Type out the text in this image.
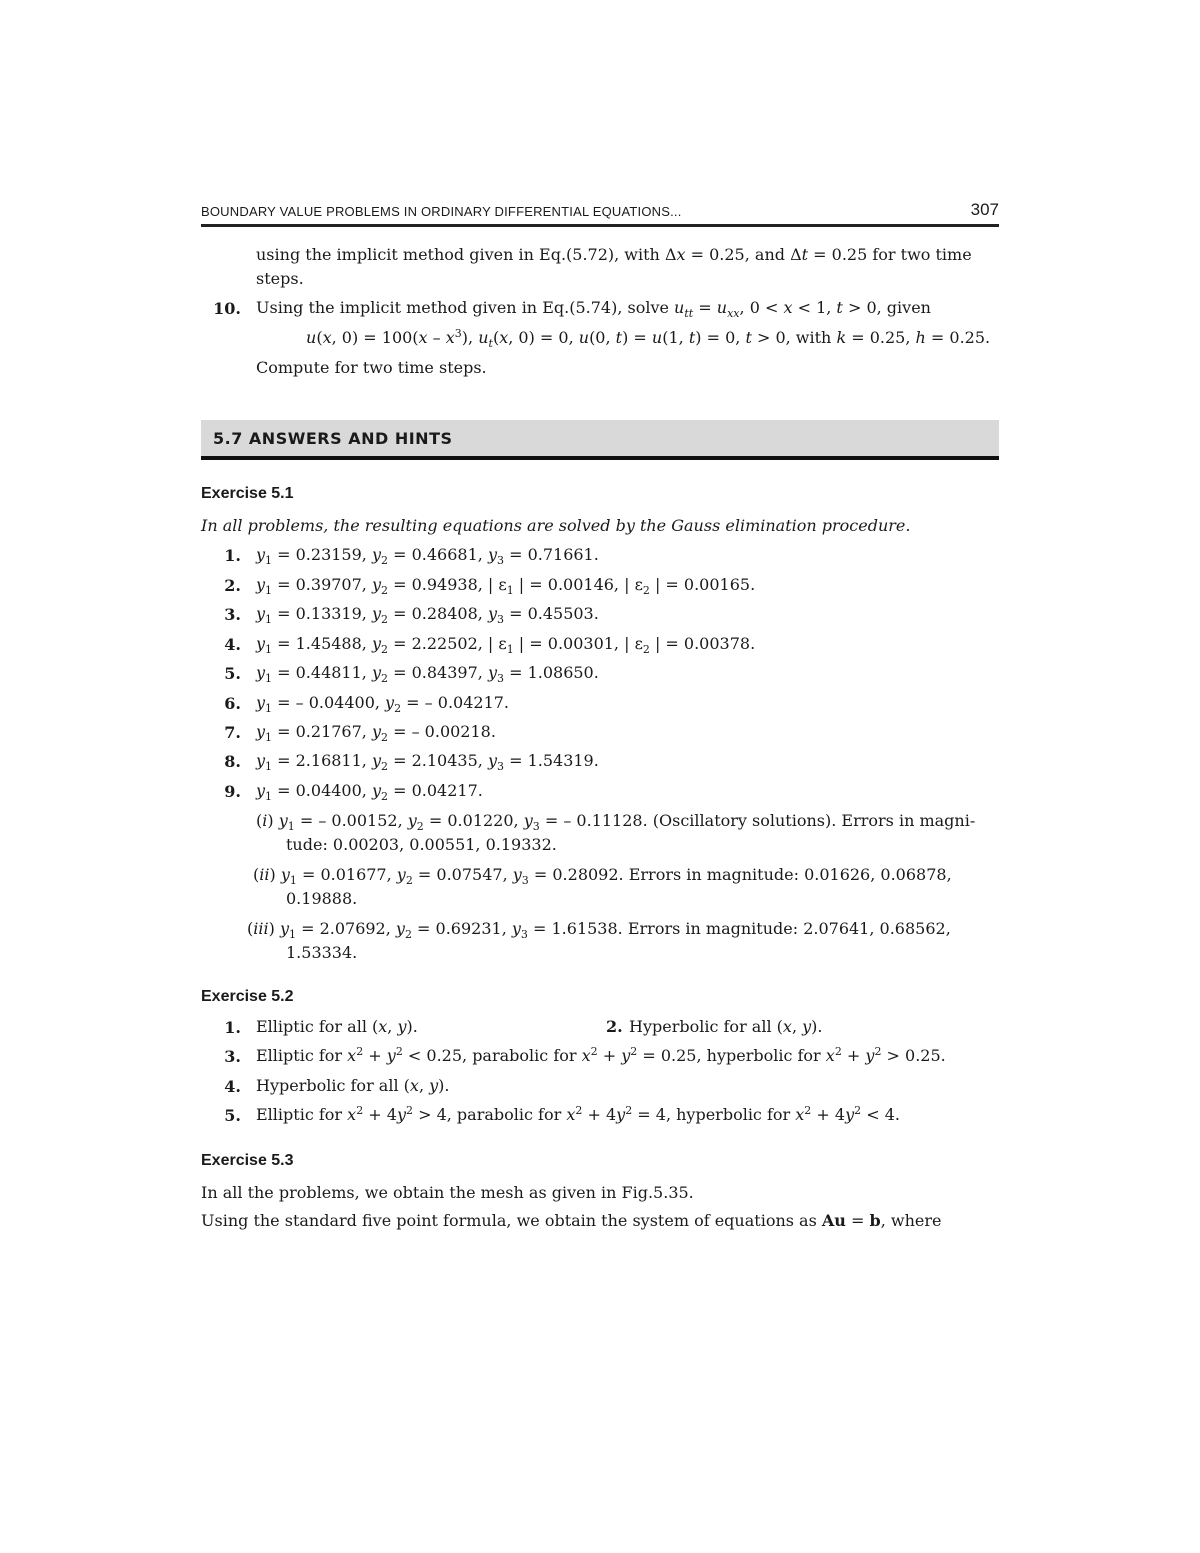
BOUNDARY VALUE PROBLEMS IN ORDINARY DIFFERENTIAL EQUATIONS...	307
using the implicit method given in Eq.(5.72), with Δx = 0.25, and Δt = 0.25 for two time
steps.
10. Using the implicit method given in Eq.(5.74), solve $u_{tt} = u_{xx}$, 0 < x < 1, t > 0, given
u(x, $0) = 100(x - x^3)$, $u_t(x$, 0) = 0, u(0, t) = u(1, t) = 0, t > 0, with k = 0.25, h = 0.25.
Compute for two time steps.
5.7 ANSWERS AND HINTS
Exercise 5.1
In all problems, the resulting equations are solved by the Gauss elimination procedure.
1. $y_1 = 0.23159$, $y_2 = 0.46681$, $y_3 = 0.71661$.
2. $y_1 = 0.39707$, $y_2 = 0.94938$, | $\varepsilon_1$ | = 0.00146, | $\varepsilon_2$ | = 0.00165.
3. $y_1 = 0.13319$, $y_2 = 0.28408$, $y_3 = 0.45503$.
4. $y_1 = 1.45488$, $y_2 = 2.22502$, | $\varepsilon_1$ | = 0.00301, | $\varepsilon_2$ | = 0.00378.
5. $y_1 = 0.44811$, $y_2 = 0.84397$, $y_3 = 1.08650$.
6. $y_1$ = – 0.04400, $y_2$ = – 0.04217.
7. $y_1 = 0.21767$, $y_2$ = – 0.00218.
8. $y_1 = 2.16811$, $y_2 = 2.10435$, $y_3 = 1.54319$.
9. $y_1 = 0.04400$, $y_2 = 0.04217$.
(i) $y_1$ = – 0.00152, $y_2 = 0.01220$, $y_3$ = – 0.11128. (Oscillatory solutions). Errors in magni-
tude: 0.00203, 0.00551, 0.19332.
(ii) $y_1 = 0.01677$, $y_2 = 0.07547$, $y_3 = 0.28092$. Errors in magnitude: 0.01626, 0.06878,
0.19888.
(iii) $y_1 = 2.07692$, $y_2 = 0.69231$, $y_3 = 1.61538$. Errors in magnitude: 2.07641, 0.68562,
1.53334.
Exercise 5.2
1. Elliptic for all (x, y).	2. Hyperbolic for all (x, y).
3. Elliptic for $x^2 + y^2 < 0.25$, parabolic for $x^2 + y^2 = 0.25$, hyperbolic for $x^2 + y^2 > 0.25$.
4. Hyperbolic for all (x, y).
5. Elliptic for $x^2 + 4y^2 > 4$, parabolic for $x^2 + 4y^2 = 4$, hyperbolic for $x^2 + 4y^2 < 4$.
Exercise 5.3
In all the problems, we obtain the mesh as given in Fig.5.35.
Using the standard five point formula, we obtain the system of equations as Au = b, where
